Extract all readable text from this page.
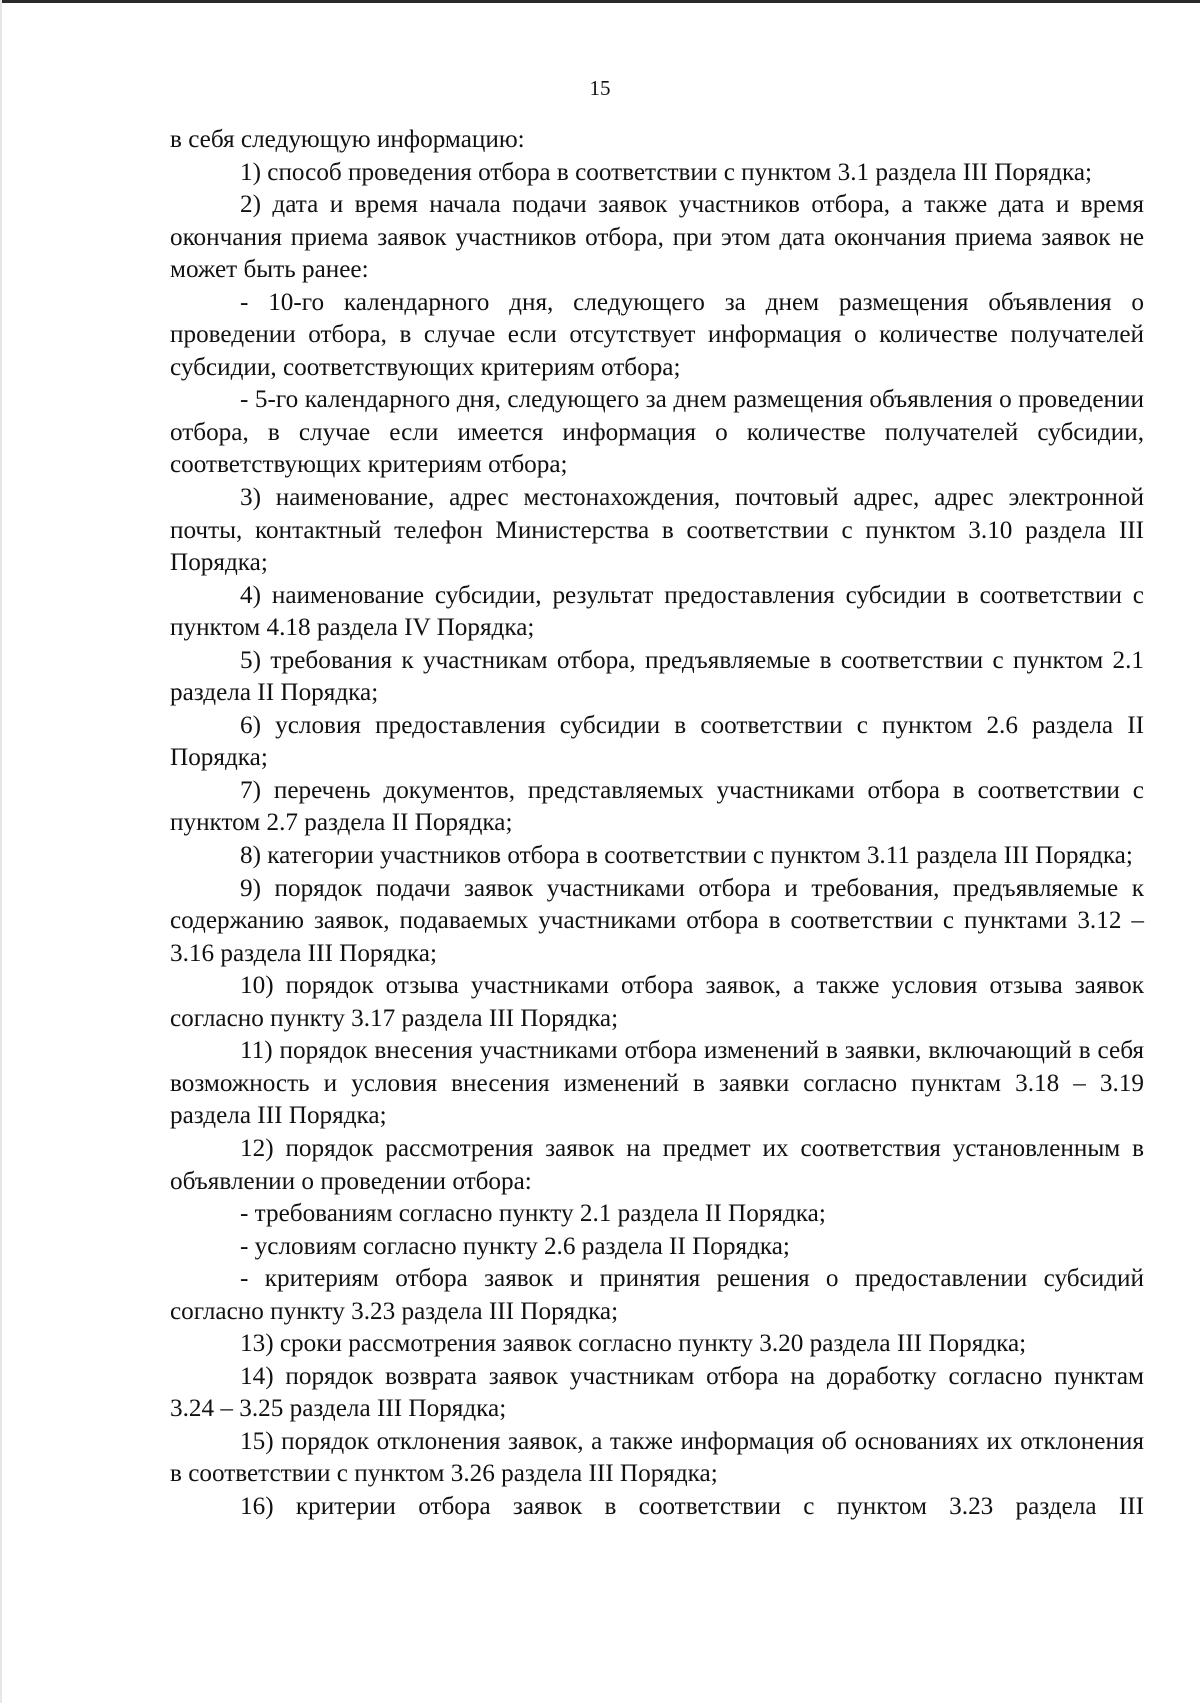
15

в себя следующую информацию:

1) способ проведения отбора в соответствии с пунктом 3.1 раздела III Порядка;

2) дата и время начала подачи заявок участников отбора, а также дата и время окончания приема заявок участников отбора, при этом дата окончания приема заявок не может быть ранее:

- 10-го календарного дня, следующего за днем размещения объявления о проведении отбора, в случае если отсутствует информация о количестве получателей субсидии, соответствующих критериям отбора;

- 5-го календарного дня, следующего за днем размещения объявления о проведении отбора, в случае если имеется информация о количестве получателей субсидии, соответствующих критериям отбора;

3) наименование, адрес местонахождения, почтовый адрес, адрес электронной почты, контактный телефон Министерства в соответствии с пунктом 3.10 раздела III Порядка;

4) наименование субсидии, результат предоставления субсидии в соответствии с пунктом 4.18 раздела IV Порядка;

5) требования к участникам отбора, предъявляемые в соответствии с пунктом 2.1 раздела II Порядка;

6) условия предоставления субсидии в соответствии с пунктом 2.6 раздела II Порядка;

7) перечень документов, представляемых участниками отбора в соответствии с пунктом 2.7 раздела II Порядка;

8) категории участников отбора в соответствии с пунктом 3.11 раздела III Порядка;

9) порядок подачи заявок участниками отбора и требования, предъявляемые к содержанию заявок, подаваемых участниками отбора в соответствии с пунктами 3.12 – 3.16 раздела III Порядка;

10) порядок отзыва участниками отбора заявок, а также условия отзыва заявок согласно пункту 3.17 раздела III Порядка;

11) порядок внесения участниками отбора изменений в заявки, включающий в себя возможность и условия внесения изменений в заявки согласно пунктам 3.18 – 3.19 раздела III Порядка;

12) порядок рассмотрения заявок на предмет их соответствия установленным в объявлении о проведении отбора:

- требованиям согласно пункту 2.1 раздела II Порядка;

- условиям согласно пункту 2.6 раздела II Порядка;

- критериям отбора заявок и принятия решения о предоставлении субсидий согласно пункту 3.23 раздела III Порядка;

13) сроки рассмотрения заявок согласно пункту 3.20 раздела III Порядка;

14) порядок возврата заявок участникам отбора на доработку согласно пунктам 3.24 – 3.25 раздела III Порядка;

15) порядок отклонения заявок, а также информация об основаниях их отклонения в соответствии с пунктом 3.26 раздела III Порядка;

16) критерии отбора заявок в соответствии с пунктом 3.23 раздела III
